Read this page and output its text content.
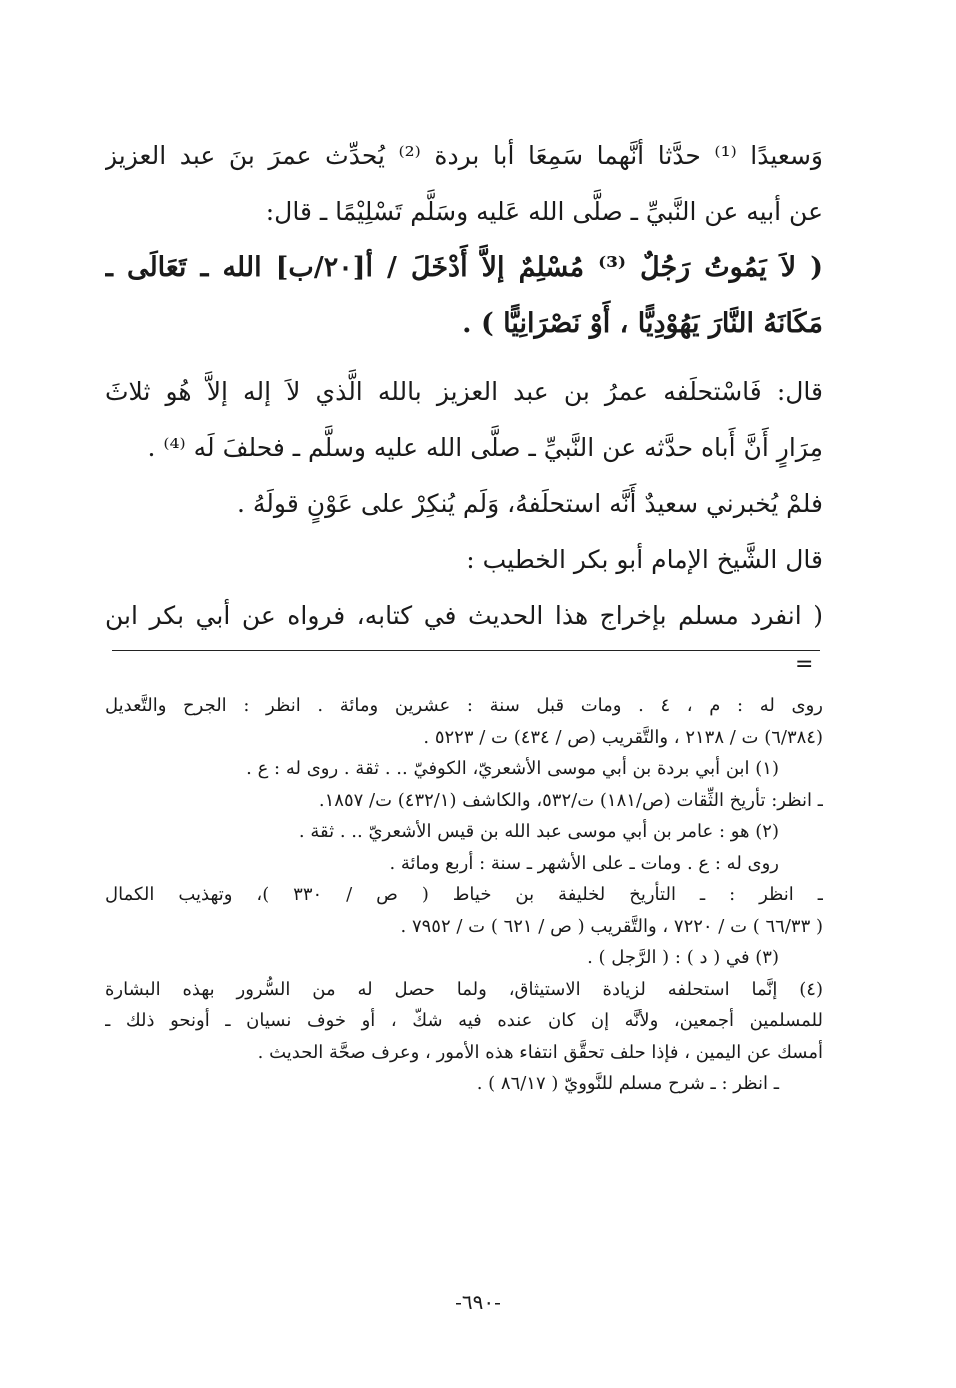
وَسعيدًا ⁽¹⁾ حدَّثا أنَّهما سَمِعَا أبا بردة ⁽²⁾ يُحدِّث عمرَ بنَ عبد العزيز
عن أبيه عن النَّبيِّ ـ صلَّى الله عَليه وسَلَّم تَسْلِيْمًا ـ قال:
( لاَ يَمُوتُ رَجُلٌ ⁽³⁾ مُسْلِمٌ إلاَّ أَدْخَلَ / أ[٢٠/ب] الله ـ تَعَالَى ـ
مَكَانَهُ النَّارَ يَهُوْدِيًّا ، أَوْ نَصْرَانِيًّا ) .
قال: فَاسْتحلَفه عمرُ بن عبد العزيز بالله الَّذي لاَ إله إلاَّ هُو ثلاثَ
مِرَارٍ أَنَّ أَباه حدَّثه عن النَّبيِّ ـ صلَّى الله عليه وسلَّم ـ فحلفَ لَه ⁽⁴⁾ .
فلمْ يُخبرني سعيدٌ أَنَّه استحلَفهُ، وَلَم يُنكِرْ على عَوْنٍ قولَهُ .
قال الشَّيخ الإمام أبو بكر الخطيب :
( انفرد مسلم بإخراج هذا الحديث في كتابه، فرواه عن أبي بكر ابن
=
روى له : م ، ٤ . ومات قبل سنة : عشرين ومائة . انظر : الجرح والتَّعديل
(٦/٣٨٤) ت / ٢١٣٨ ، والتَّقريب (ص / ٤٣٤) ت / ٥٢٢٣ .
(١) ابن أبي بردة بن أبي موسى الأشعريّ، الكوفيّ .. . ثقة . روى له : ع .
ـ انظر: تأريخ الثِّقات (ص/١٨١) ت/٥٣٢، والكاشف (٤٣٢/١) ت/ ١٨٥٧.
(٢) هو : عامر بن أبي موسى عبد الله بن قيس الأشعريّ .. . ثقة .
روى له : ع . ومات ـ على الأشهر ـ سنة : أربع ومائة .
ـ انظر : ـ التأريخ لخليفة بن خياط ( ص / ٣٣٠ )، وتهذيب الكمال
( ٦٦/٣٣ ) ت / ٧٢٢٠ ، والتَّقريب ( ص / ٦٢١ ) ت / ٧٩٥٢ .
(٣) في ( د ) : ( الرَّجل ) .
(٤) إنَّما استحلفه لزيادة الاستيثاق، ولما حصل له من السُّرور بهذه البشارة
للمسلمين أجمعين، ولأنَّه إن كان عنده فيه شكّ ، أو خوف نسيان ـ أونحو ذلك ـ
أمسك عن اليمين ، فإذا حلف تحقَّق انتفاء هذه الأمور ، وعرف صحَّة الحديث .
ـ انظر : ـ شرح مسلم للنَّوويّ ( ٨٦/١٧ ) .
-٦٩٠-
